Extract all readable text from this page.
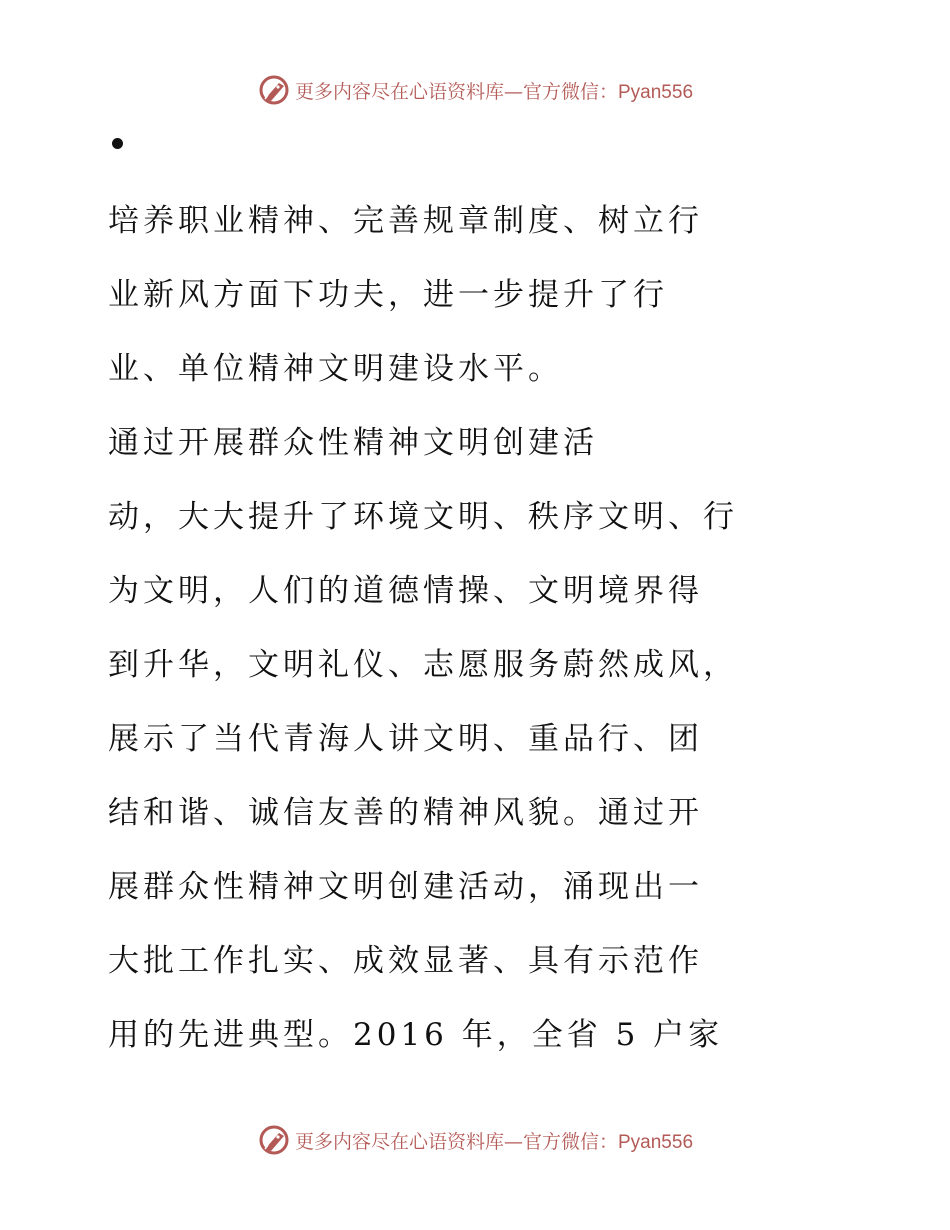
更多内容尽在心语资料库—官方微信：Pyan556
培养职业精神、完善规章制度、树立行
业新风方面下功夫，进一步提升了行
业、单位精神文明建设水平。
通过开展群众性精神文明创建活
动，大大提升了环境文明、秩序文明、行
为文明，人们的道德情操、文明境界得
到升华，文明礼仪、志愿服务蔚然成风，
展示了当代青海人讲文明、重品行、团
结和谐、诚信友善的精神风貌。通过开
展群众性精神文明创建活动，涌现出一
大批工作扎实、成效显著、具有示范作
用的先进典型。2016 年，全省 5 户家
更多内容尽在心语资料库—官方微信：Pyan556
